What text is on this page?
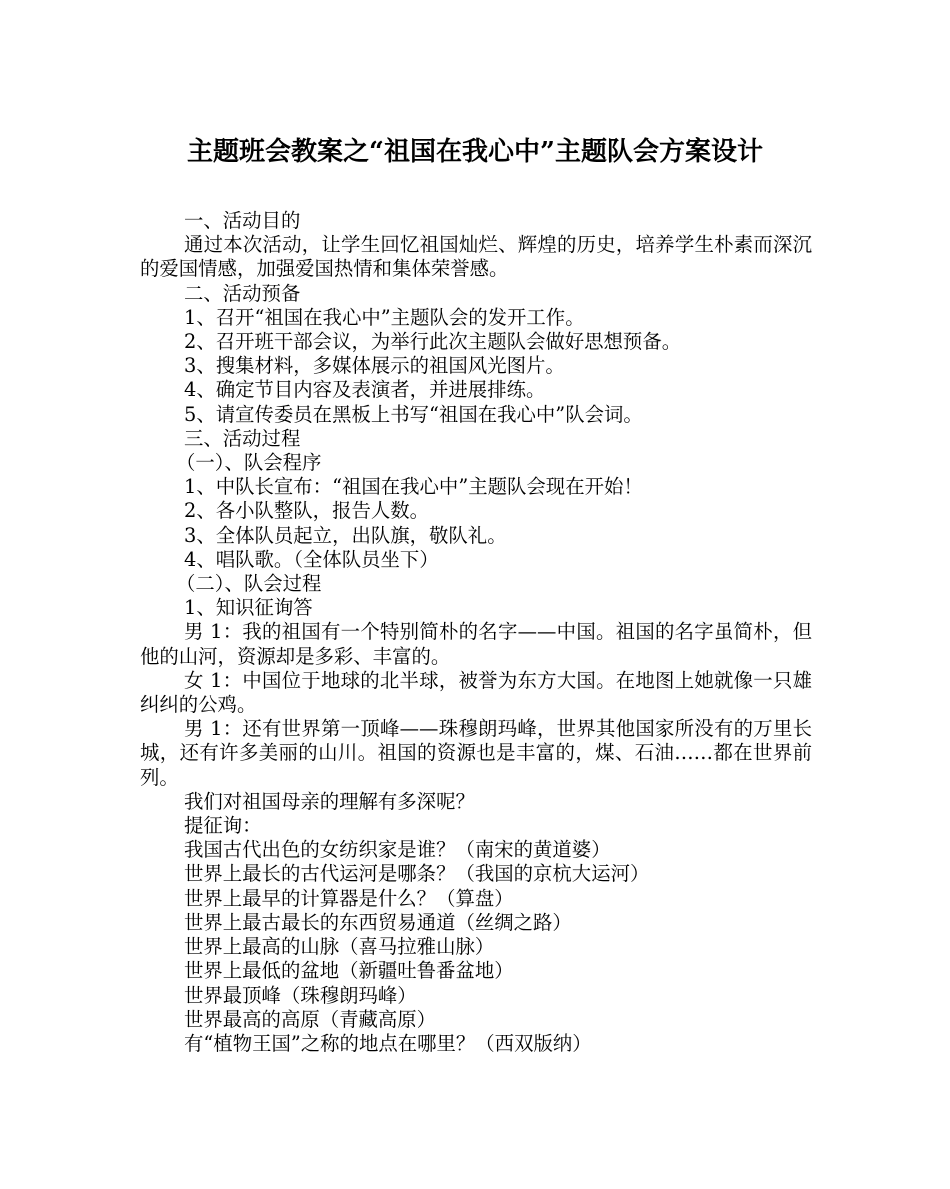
主题班会教案之“祖国在我心中”主题队会方案设计

一、活动目的

通过本次活动，让学生回忆祖国灿烂、辉煌的历史，培养学生朴素而深沉的爱国情感，加强爱国热情和集体荣誉感。

二、活动预备

1、召开“祖国在我心中”主题队会的发开工作。

2、召开班干部会议，为举行此次主题队会做好思想预备。

3、搜集材料，多媒体展示的祖国风光图片。

4、确定节目内容及表演者，并进展排练。

5、请宣传委员在黑板上书写“祖国在我心中”队会词。

三、活动过程

（一）、队会程序

1、中队长宣布：“祖国在我心中”主题队会现在开始！

2、各小队整队，报告人数。

3、全体队员起立，出队旗，敬队礼。

4、唱队歌。（全体队员坐下）

（二）、队会过程

1、知识征询答

男 1：我的祖国有一个特别简朴的名字——中国。祖国的名字虽简朴，但他的山河，资源却是多彩、丰富的。

女 1：中国位于地球的北半球，被誉为东方大国。在地图上她就像一只雄纠纠的公鸡。

男 1：还有世界第一顶峰——珠穆朗玛峰，世界其他国家所没有的万里长城，还有许多美丽的山川。祖国的资源也是丰富的，煤、石油……都在世界前列。

我们对祖国母亲的理解有多深呢？

提征询：

我国古代出色的女纺织家是谁？（南宋的黄道婆）

世界上最长的古代运河是哪条？（我国的京杭大运河）

世界上最早的计算器是什么？（算盘）

世界上最古最长的东西贸易通道（丝绸之路）

世界上最高的山脉（喜马拉雅山脉）

世界上最低的盆地（新疆吐鲁番盆地）

世界最顶峰（珠穆朗玛峰）

世界最高的高原（青藏高原）

有“植物王国”之称的地点在哪里？（西双版纳）
